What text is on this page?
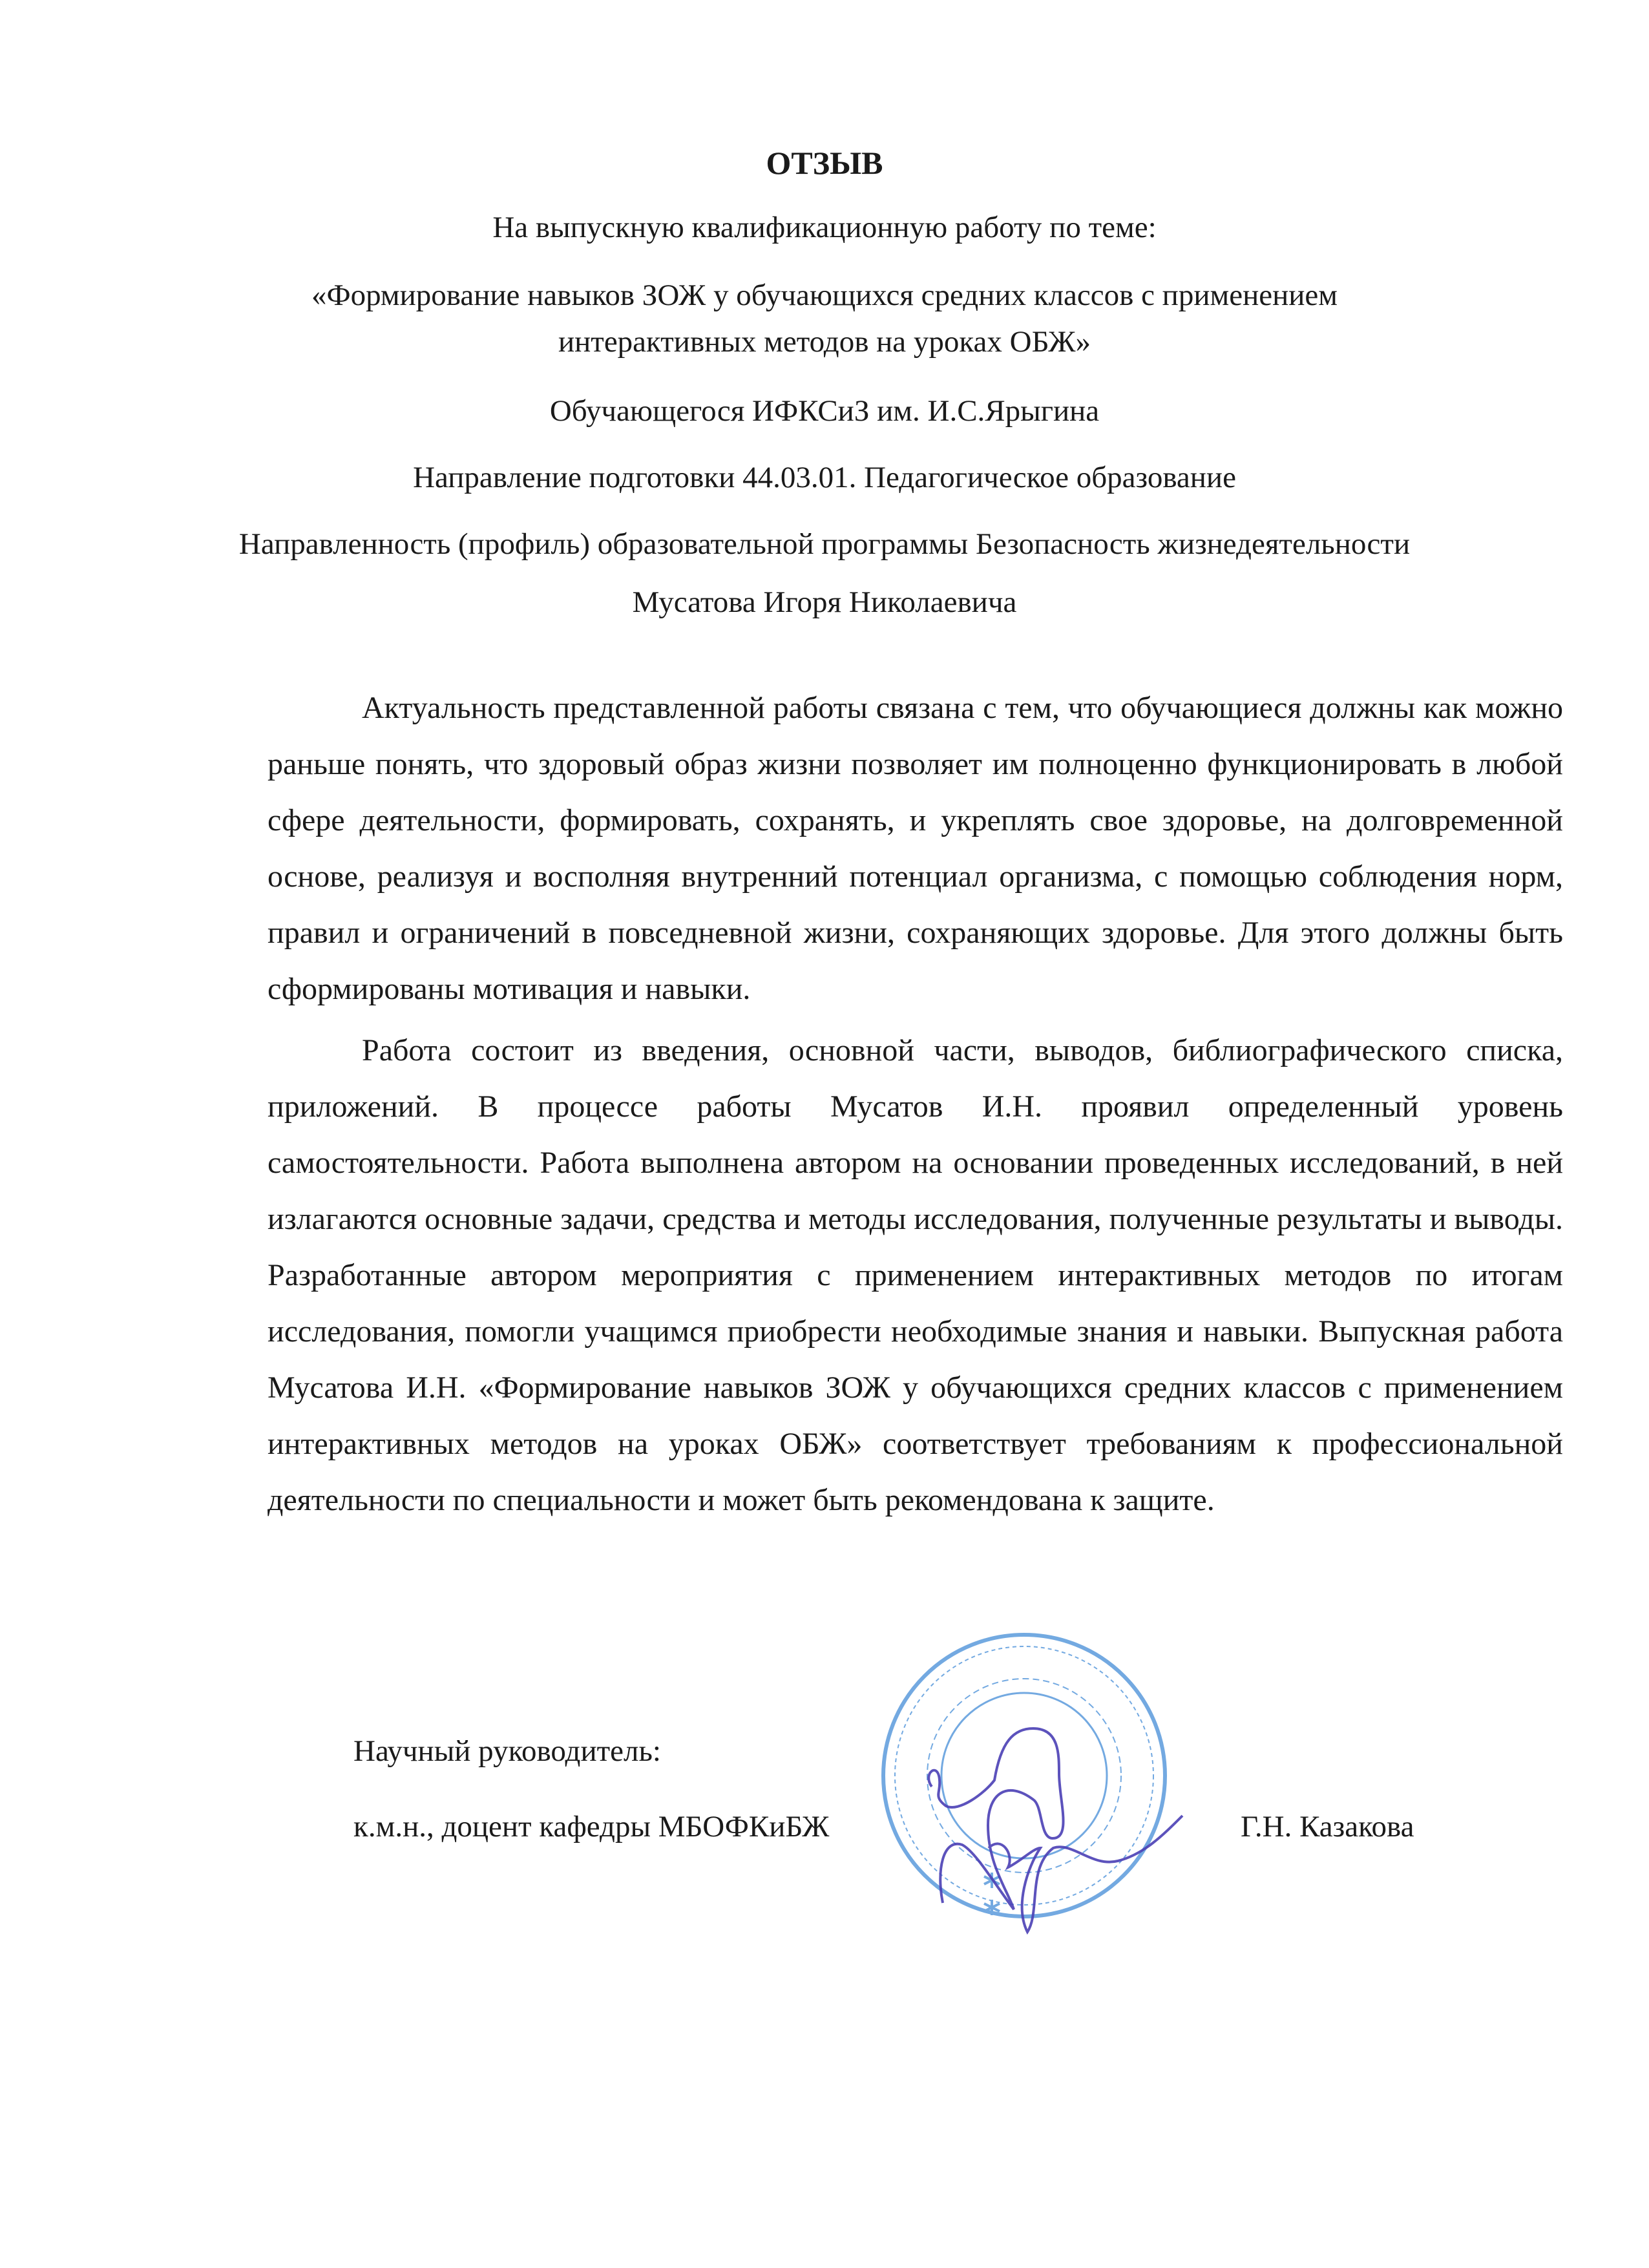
ОТЗЫВ
На выпускную квалификационную работу по теме:
«Формирование навыков ЗОЖ у обучающихся средних классов с применением
интерактивных методов на уроках ОБЖ»
Обучающегося ИФКСиЗ им. И.С.Ярыгина
Направление подготовки 44.03.01. Педагогическое образование
Направленность (профиль) образовательной программы Безопасность жизнедеятельности
Мусатова Игоря Николаевича

Актуальность представленной работы связана с тем, что обучающиеся должны как можно раньше понять, что здоровый образ жизни позволяет им полноценно функционировать в любой сфере деятельности, формировать, сохранять, и укреплять свое здоровье, на долговременной основе, реализуя и восполняя внутренний потенциал организма, с помощью соблюдения норм, правил и ограничений в повседневной жизни, сохраняющих здоровье. Для этого должны быть сформированы мотивация и навыки.

Работа состоит из введения, основной части, выводов, библиографического списка, приложений. В процессе работы Мусатов И.Н. проявил определенный уровень самостоятельности. Работа выполнена автором на основании проведенных исследований, в ней излагаются основные задачи, средства и методы исследования, полученные результаты и выводы. Разработанные автором мероприятия с применением интерактивных методов по итогам исследования, помогли учащимся приобрести необходимые знания и навыки. Выпускная работа Мусатова И.Н. «Формирование навыков ЗОЖ у обучающихся средних классов с применением интерактивных методов на уроках ОБЖ» соответствует требованиям к профессиональной деятельности по специальности и может быть рекомендована к защите.

Научный руководитель:
к.м.н., доцент кафедры МБОФКиБЖ	Г.Н. Казакова
